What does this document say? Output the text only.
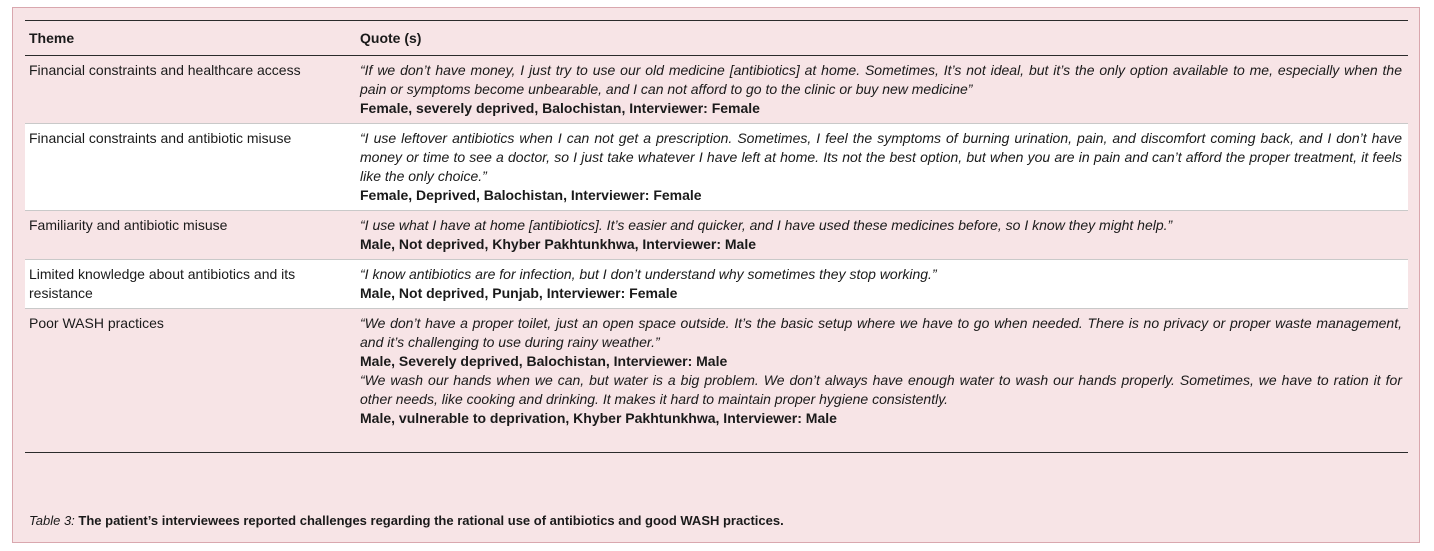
Theme	Quote (s)
Financial constraints and healthcare access	“If we don’t have money, I just try to use our old medicine [antibiotics] at home. Sometimes, It’s not ideal, but it’s the only option available to me, especially when the pain or symptoms become unbearable, and I can not afford to go to the clinic or buy new medicine”
Female, severely deprived, Balochistan, Interviewer: Female

Financial constraints and antibiotic misuse	“I use leftover antibiotics when I can not get a prescription. Sometimes, I feel the symptoms of burning urination, pain, and discomfort coming back, and I don’t have money or time to see a doctor, so I just take whatever I have left at home. Its not the best option, but when you are in pain and can’t afford the proper treatment, it feels like the only choice.”
Female, Deprived, Balochistan, Interviewer: Female

Familiarity and antibiotic misuse	“I use what I have at home [antibiotics]. It’s easier and quicker, and I have used these medicines before, so I know they might help.”
Male, Not deprived, Khyber Pakhtunkhwa, Interviewer: Male

Limited knowledge about antibiotics and its resistance	“I know antibiotics are for infection, but I don’t understand why sometimes they stop working.”
Male, Not deprived, Punjab, Interviewer: Female

Poor WASH practices	“We don’t have a proper toilet, just an open space outside. It’s the basic setup where we have to go when needed. There is no privacy or proper waste management, and it’s challenging to use during rainy weather.”
Male, Severely deprived, Balochistan, Interviewer: Male
“We wash our hands when we can, but water is a big problem. We don’t always have enough water to wash our hands properly. Sometimes, we have to ration it for other needs, like cooking and drinking. It makes it hard to maintain proper hygiene consistently.
Male, vulnerable to deprivation, Khyber Pakhtunkhwa, Interviewer: Male
Table 3: The patient’s interviewees reported challenges regarding the rational use of antibiotics and good WASH practices.
